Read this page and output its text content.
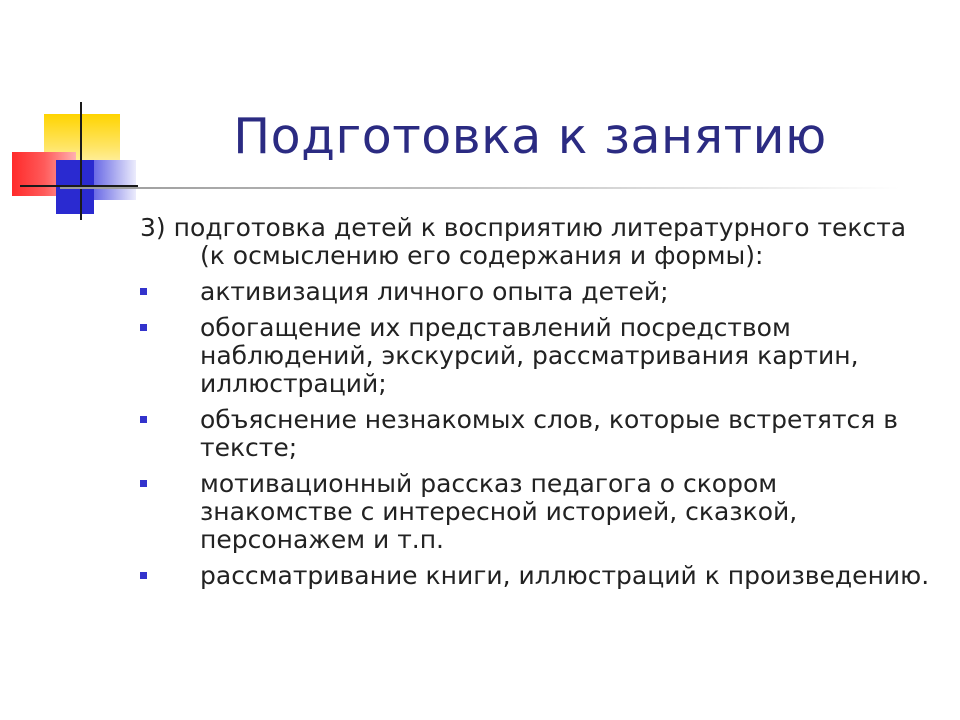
Подготовка к занятию
3) подготовка детей к восприятию литературного текста (к осмыслению его содержания и формы):
активизация личного опыта детей;
обогащение их представлений посредством наблюдений, экскурсий, рассматривания картин, иллюстраций;
объяснение незнакомых слов, которые встретятся в тексте;
мотивационный рассказ педагога о скором знакомстве с интересной историей, сказкой, персонажем и т.п.
рассматривание книги, иллюстраций к произведению.
